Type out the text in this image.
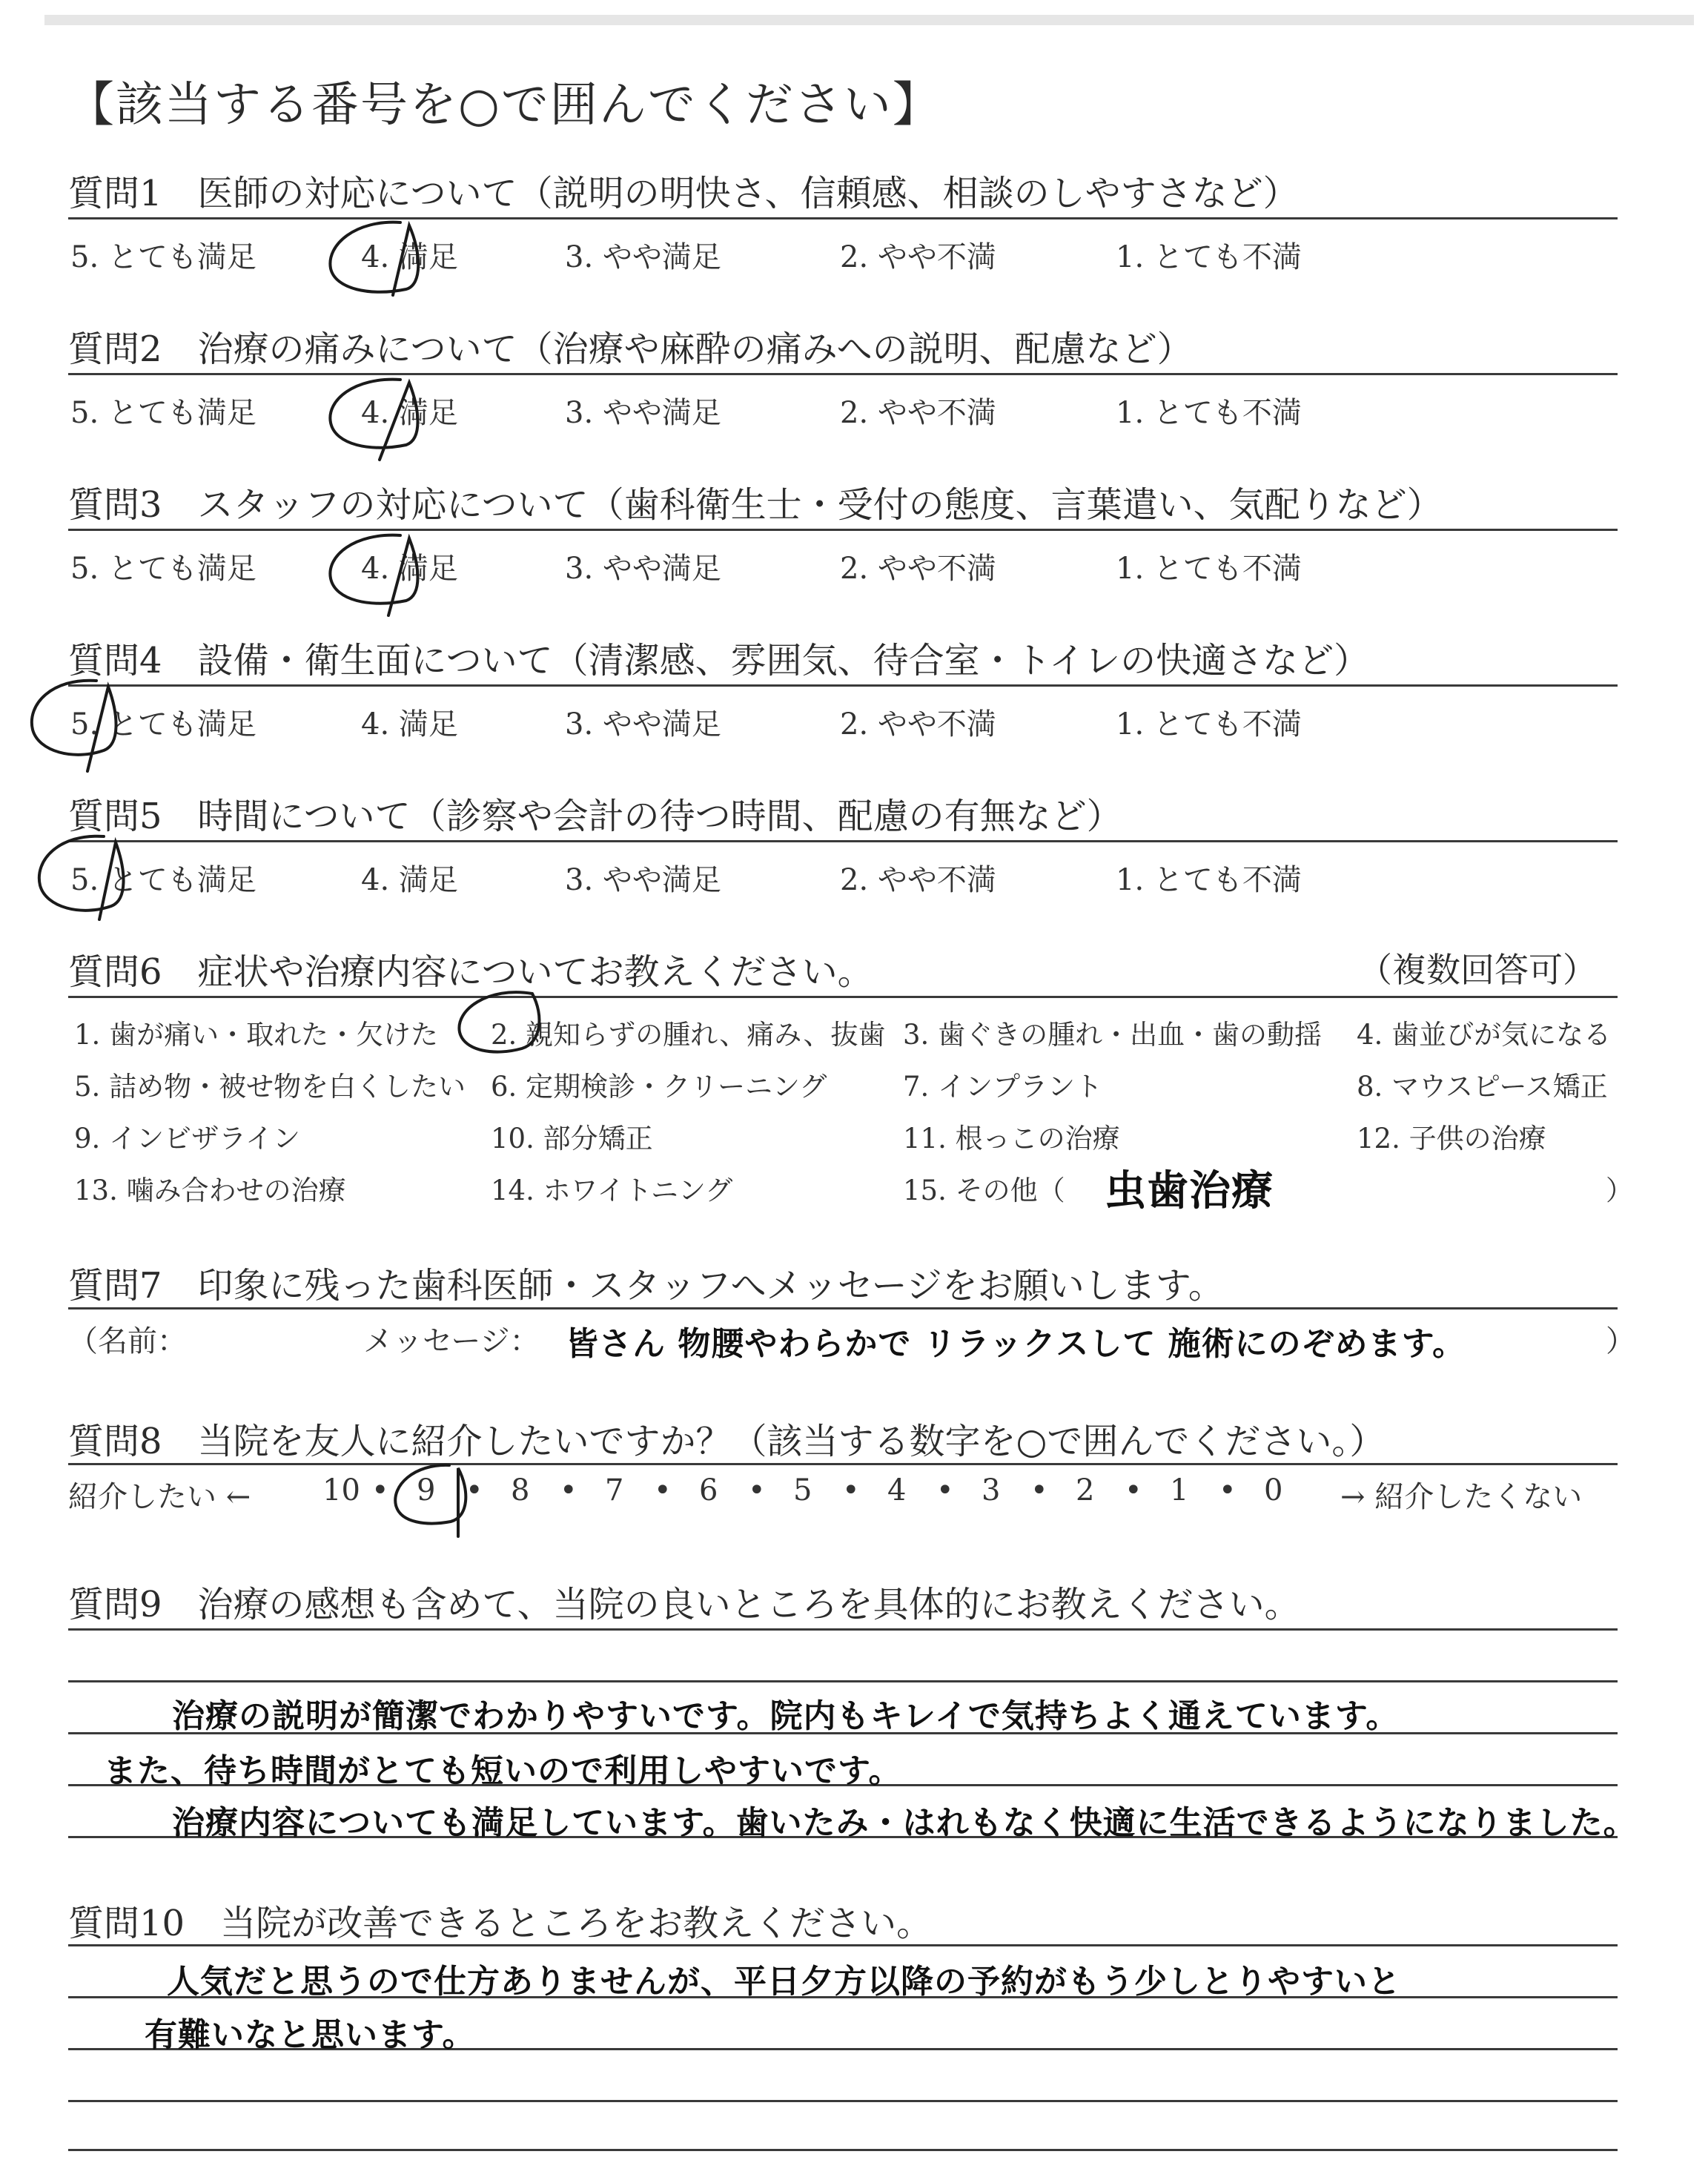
【該当する番号を○で囲んでください】
質問1　医師の対応について（説明の明快さ、信頼感、相談のしやすさなど）
5. とても満足	4. 満足	3. やや満足	2. やや不満	1. とても不満
質問2　治療の痛みについて（治療や麻酔の痛みへの説明、配慮など）
5. とても満足	4. 満足	3. やや満足	2. やや不満	1. とても不満
質問3　スタッフの対応について（歯科衛生士・受付の態度、言葉遣い、気配りなど）
5. とても満足	4. 満足	3. やや満足	2. やや不満	1. とても不満
質問4　設備・衛生面について（清潔感、雰囲気、待合室・トイレの快適さなど）
5. とても満足	4. 満足	3. やや満足	2. やや不満	1. とても不満
質問5　時間について（診察や会計の待つ時間、配慮の有無など）
5. とても満足	4. 満足	3. やや満足	2. やや不満	1. とても不満
質問6　症状や治療内容についてお教えください。	（複数回答可）
1. 歯が痛い・取れた・欠けた 2. 親知らずの腫れ、痛み、抜歯 3. 歯ぐきの腫れ・出血・歯の動揺 4. 歯並びが気になる
5. 詰め物・被せ物を白くしたい 6. 定期検診・クリーニング	7. インプラント	8. マウスピース矯正
9. インビザライン	10. 部分矯正	11. 根っこの治療	12. 子供の治療
13. 噛み合わせの治療	14. ホワイトニング	15. その他（ 虫歯治療	）
質問7　印象に残った歯科医師・スタッフへメッセージをお願いします。
（名前：	メッセージ： 皆さん 物腰やわらかで リラックスして 施術にのぞめます。	）
質問8　当院を友人に紹介したいですか？（該当する数字を○で囲んでください。）
紹介したい ← 10 • 9 • 8 • 7 • 6 • 5 • 4 • 3 • 2 • 1 • 0 → 紹介したくない
質問9　治療の感想も含めて、当院の良いところを具体的にお教えください。
治療の説明が簡潔でわかりやすいです。院内もキレイで気持ちよく通えています。
また、待ち時間がとても短いので利用しやすいです。
治療内容についても満足しています。歯いたみ・はれもなく快適に生活できるようになりました。
質問10　当院が改善できるところをお教えください。
人気だと思うので仕方ありませんが、平日夕方以降の予約がもう少しとりやすいと
有難いなと思います。
